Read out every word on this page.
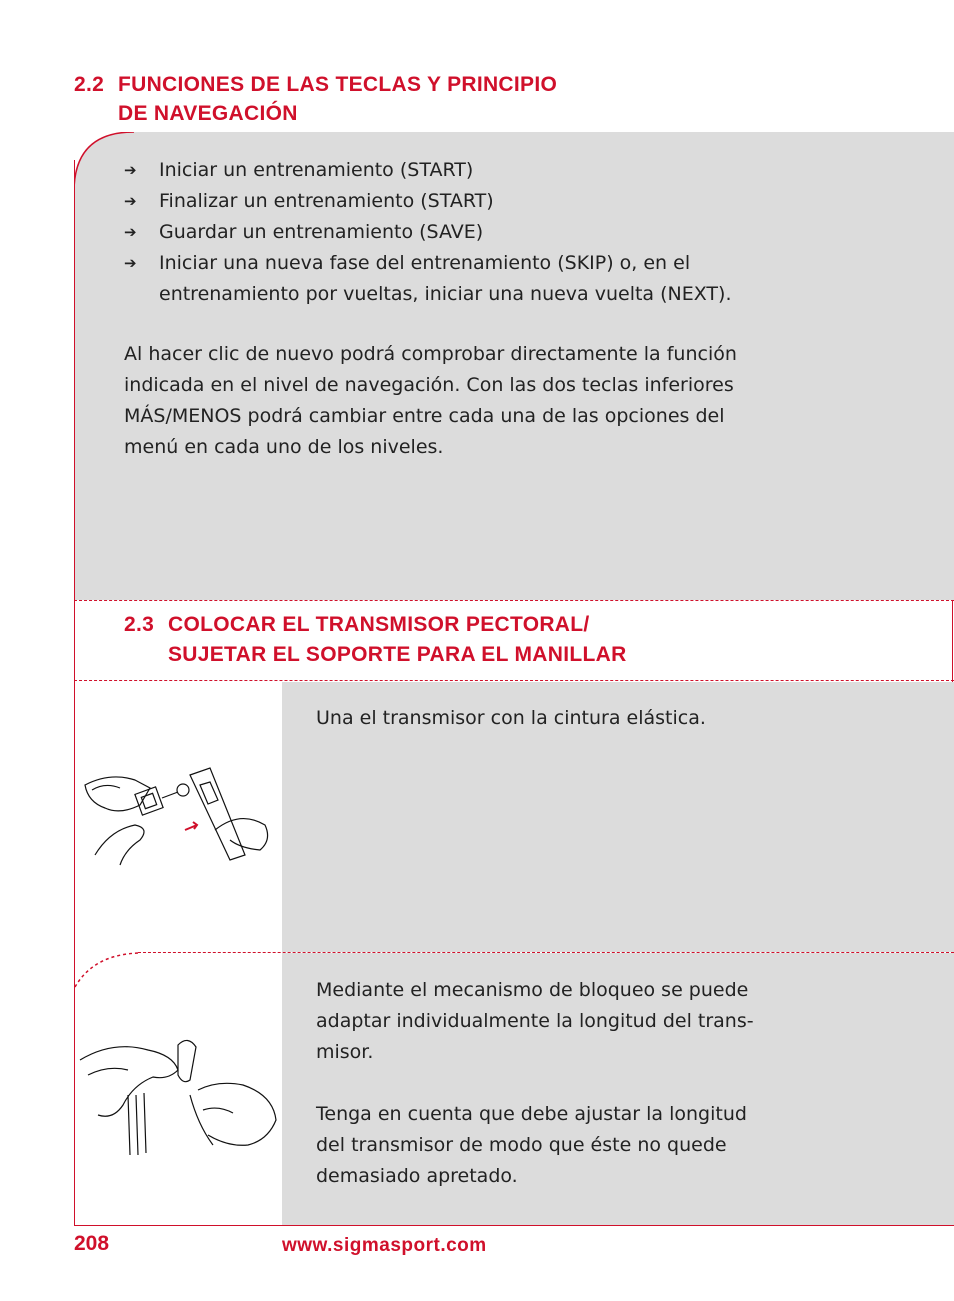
2.2 FUNCIONES DE LAS TECLAS Y PRINCIPIO
DE NAVEGACIÓN
➔	Iniciar un entrenamiento (START)
➔	Finalizar un entrenamiento (START)
➔	Guardar un entrenamiento (SAVE)
➔	Iniciar una nueva fase del entrenamiento (SKIP) o, en el
entrenamiento por vueltas, iniciar una nueva vuelta (NEXT).
Al hacer clic de nuevo podrá comprobar directamente la función
indicada en el nivel de navegación. Con las dos teclas inferiores
MÁS/MENOS podrá cambiar entre cada una de las opciones del
menú en cada uno de los niveles.
2.3 COLOCAR EL TRANSMISOR PECTORAL/
SUJETAR EL SOPORTE PARA EL MANILLAR
Una el transmisor con la cintura elástica.

Mediante el mecanismo de bloqueo se puede
adaptar individualmente la longitud del trans-
misor.

Tenga en cuenta que debe ajustar la longitud
del transmisor de modo que éste no quede
demasiado apretado.

208	www.sigmasport.com
